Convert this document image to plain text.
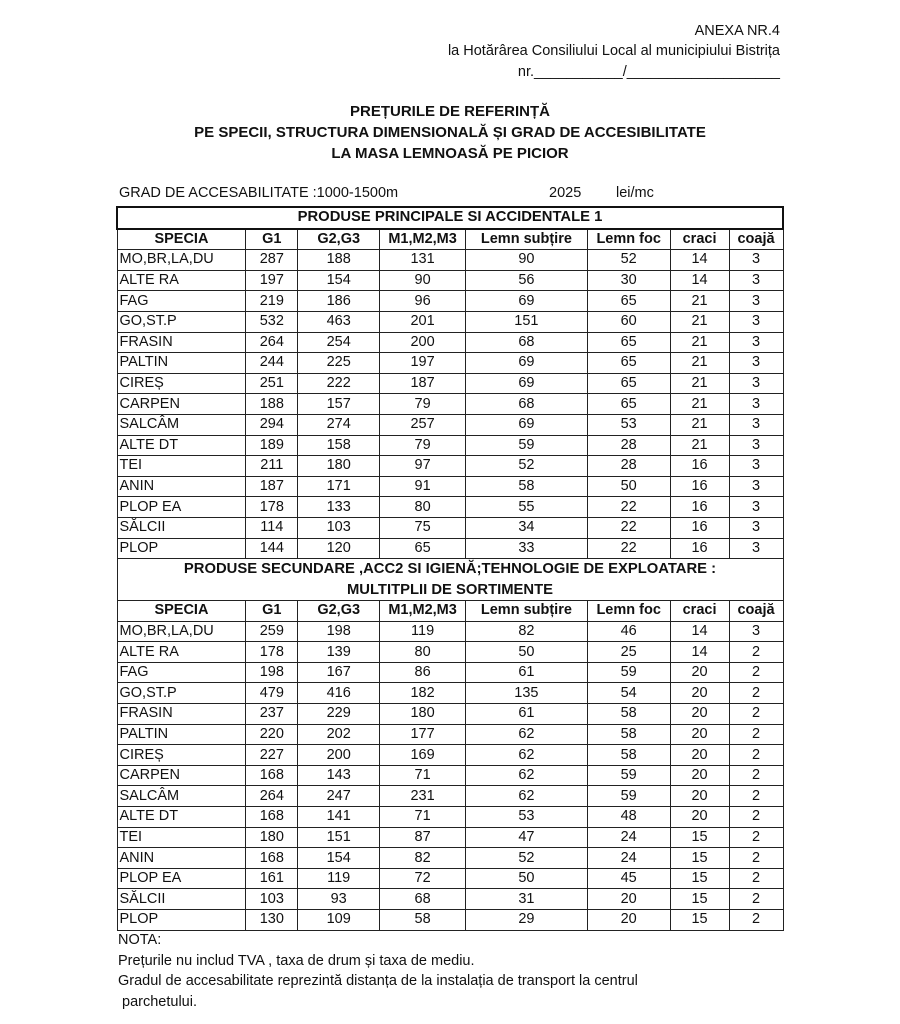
ANEXA NR.4
la Hotărârea Consiliului Local al municipiului Bistrița
nr.___________/___________________
PREȚURILE DE REFERINȚĂ
PE SPECII, STRUCTURA DIMENSIONALĂ ȘI GRAD DE ACCESIBILITATE
LA MASA LEMNOASĂ PE PICIOR
GRAD DE ACCESABILITATE :1000-1500m	2025 lei/mc
PRODUSE PRINCIPALE SI ACCIDENTALE 1							

SPECIA	G1	G2,G3	M1,M2,M3	Lemn subțire	Lemn foc	craci	coajă
MO,BR,LA,DU	287	188	131	90	52	14	3
ALTE RA	197	154	90	56	30	14	3
FAG	219	186	96	69	65	21	3
GO,ST.P	532	463	201	151	60	21	3
FRASIN	264	254	200	68	65	21	3
PALTIN	244	225	197	69	65	21	3
CIREȘ	251	222	187	69	65	21	3
CARPEN	188	157	79	68	65	21	3
SALCÂM	294	274	257	69	53	21	3
ALTE DT	189	158	79	59	28	21	3
TEI	211	180	97	52	28	16	3
ANIN	187	171	91	58	50	16	3
PLOP EA	178	133	80	55	22	16	3
SĂLCII	114	103	75	34	22	16	3
PLOP	144	120	65	33	22	16	3

PRODUSE SECUNDARE ,ACC2 SI IGIENĂ;TEHNOLOGIE DE EXPLOATARE :
MULTITPLII DE SORTIMENTE							

SPECIA	G1	G2,G3	M1,M2,M3	Lemn subțire	Lemn foc	craci	coajă
MO,BR,LA,DU	259	198	119	82	46	14	3
ALTE RA	178	139	80	50	25	14	2
FAG	198	167	86	61	59	20	2
GO,ST.P	479	416	182	135	54	20	2
FRASIN	237	229	180	61	58	20	2
PALTIN	220	202	177	62	58	20	2
CIREȘ	227	200	169	62	58	20	2
CARPEN	168	143	71	62	59	20	2
SALCÂM	264	247	231	62	59	20	2
ALTE DT	168	141	71	53	48	20	2
TEI	180	151	87	47	24	15	2
ANIN	168	154	82	52	24	15	2
PLOP EA	161	119	72	50	45	15	2
SĂLCII	103	93	68	31	20	15	2
PLOP	130	109	58	29	20	15	2
NOTA:
Prețurile nu includ TVA , taxa de drum și taxa de mediu.
Gradul de accesabilitate reprezintă distanța de la instalația de transport la centrul
parchetului.
